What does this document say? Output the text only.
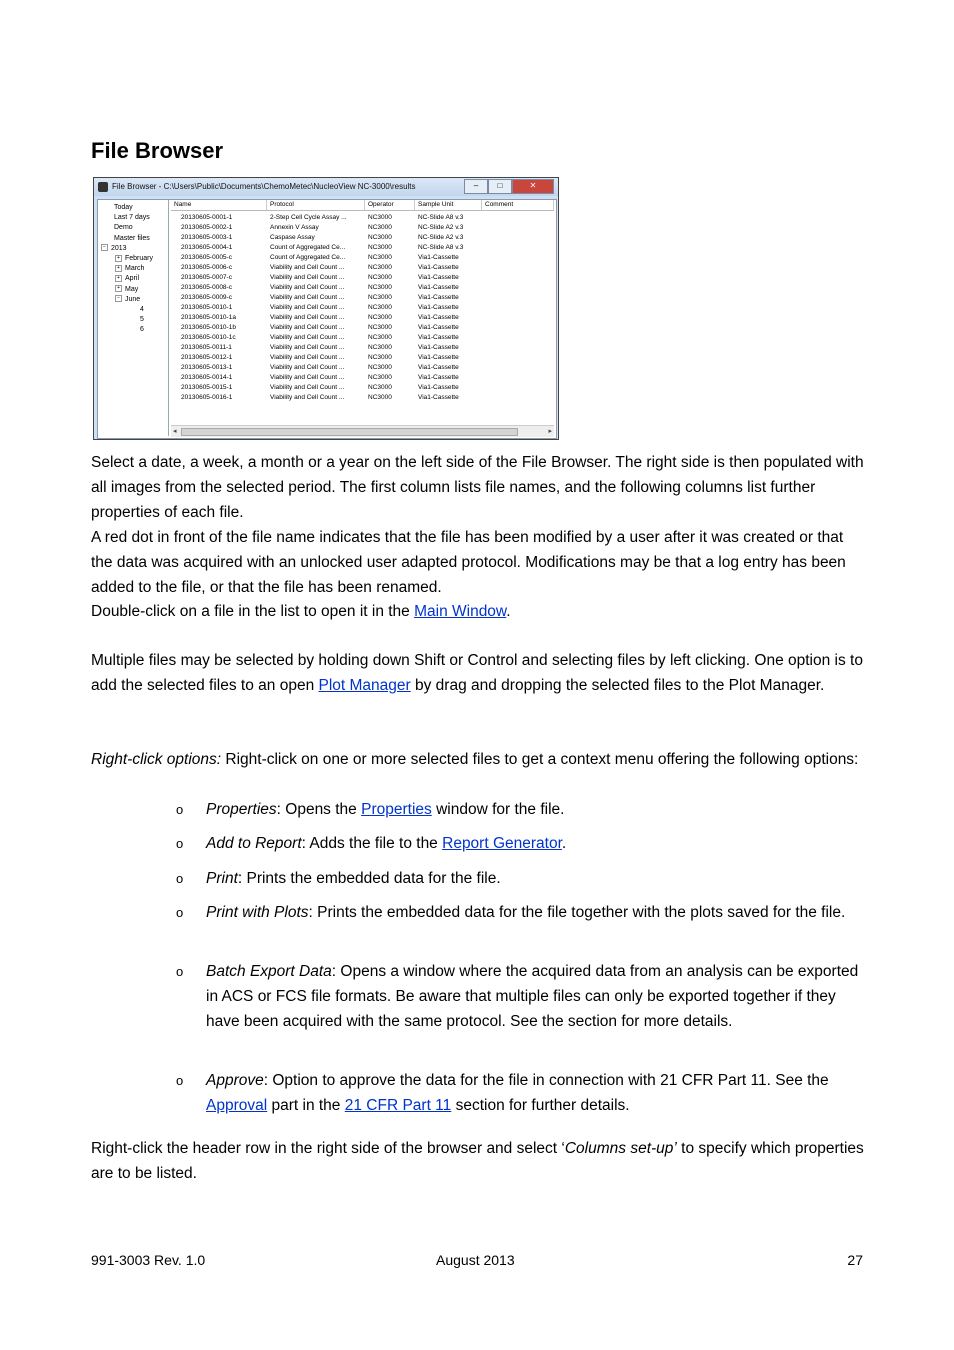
File Browser
File Browser - C:\Users\Public\Documents\ChemoMetec\NucleoView NC-3000\results	–	□	✕
Today
Last 7 days
Demo
Master files
− 2013
+ February
+ March
+ April
+ May
− June
4
5
6
Name	Protocol	Operator	Sample Unit	Comment
20130605-0001-1	2-Step Cell Cycle Assay ...	NC3000	NC-Slide A8 v.3
20130605-0002-1	Annexin V Assay	NC3000	NC-Slide A2 v.3
20130605-0003-1	Caspase Assay	NC3000	NC-Slide A2 v.3
20130605-0004-1	Count of Aggregated Ce...	NC3000	NC-Slide A8 v.3
20130605-0005-c	Count of Aggregated Ce...	NC3000	Via1-Cassette
20130605-0006-c	Viability and Cell Count ...	NC3000	Via1-Cassette
20130605-0007-c	Viability and Cell Count ...	NC3000	Via1-Cassette
20130605-0008-c	Viability and Cell Count ...	NC3000	Via1-Cassette
20130605-0009-c	Viability and Cell Count ...	NC3000	Via1-Cassette
20130605-0010-1	Viability and Cell Count ...	NC3000	Via1-Cassette
20130605-0010-1a	Viability and Cell Count ...	NC3000	Via1-Cassette
20130605-0010-1b	Viability and Cell Count ...	NC3000	Via1-Cassette
20130605-0010-1c	Viability and Cell Count ...	NC3000	Via1-Cassette
20130605-0011-1	Viability and Cell Count ...	NC3000	Via1-Cassette
20130605-0012-1	Viability and Cell Count ...	NC3000	Via1-Cassette
20130605-0013-1	Viability and Cell Count ...	NC3000	Via1-Cassette
20130605-0014-1	Viability and Cell Count ...	NC3000	Via1-Cassette
20130605-0015-1	Viability and Cell Count ...	NC3000	Via1-Cassette
20130605-0016-1	Viability and Cell Count ...	NC3000	Via1-Cassette
◂	▸

Select a date, a week, a month or a year on the left side of the File Browser. The right side is then populated with all images from the selected period. The first column lists file names, and the following columns list further properties of each file.

A red dot in front of the file name indicates that the file has been modified by a user after it was created or that the data was acquired with an unlocked user adapted protocol. Modifications may be that a log entry has been added to the file, or that the file has been renamed.

Double-click on a file in the list to open it in the Main Window.

Multiple files may be selected by holding down Shift or Control and selecting files by left clicking. One option is to add the selected files to an open Plot Manager by drag and dropping the selected files to the Plot Manager.

Right-click options: Right-click on one or more selected files to get a context menu offering the following options:

o Properties: Opens the Properties window for the file.
o Add to Report: Adds the file to the Report Generator.
o Print: Prints the embedded data for the file.
o Print with Plots: Prints the embedded data for the file together with the plots saved for the file.
o Batch Export Data: Opens a window where the acquired data from an analysis can be exported in ACS or FCS file formats. Be aware that multiple files can only be exported together if they have been acquired with the same protocol. See the section for more details.
o Approve: Option to approve the data for the file in connection with 21 CFR Part 11. See the Approval part in the 21 CFR Part 11 section for further details.

Right-click the header row in the right side of the browser and select ‘Columns set-up’ to specify which properties are to be listed.

991-3003 Rev. 1.0	August 2013	27
